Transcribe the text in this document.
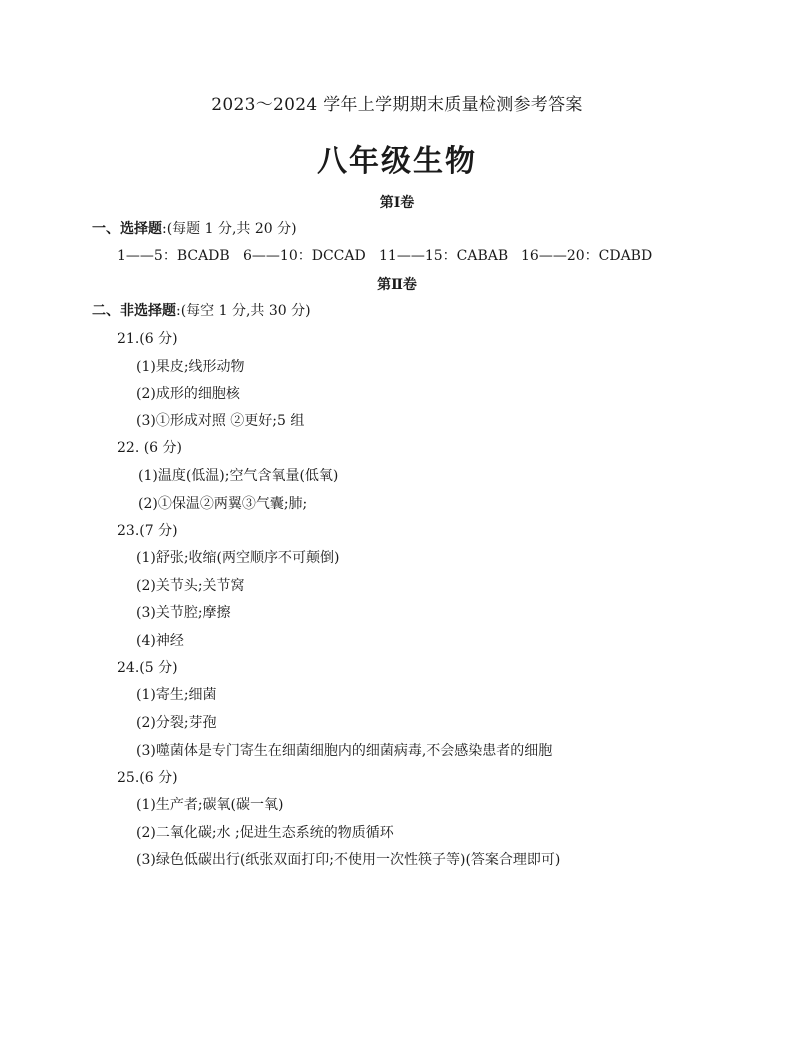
2023～2024 学年上学期期末质量检测参考答案
八年级生物
第Ⅰ卷
一、选择题:(每题 1 分,共 20 分)
1——5：BCADB 6——10：DCCAD 11——15：CABAB 16——20：CDABD
第Ⅱ卷
二、非选择题:(每空 1 分,共 30 分)
21.(6 分)
(1)果皮;线形动物
(2)成形的细胞核
(3)①形成对照 ②更好;5 组
22. (6 分)
(1)温度(低温);空气含氧量(低氧)
(2)①保温②两翼③气囊;肺;
23.(7 分)
(1)舒张;收缩(两空顺序不可颠倒)
(2)关节头;关节窝
(3)关节腔;摩擦
(4)神经
24.(5 分)
(1)寄生;细菌
(2)分裂;芽孢
(3)噬菌体是专门寄生在细菌细胞内的细菌病毒,不会感染患者的细胞
25.(6 分)
(1)生产者;碳氧(碳一氧)
(2)二氧化碳;水 ;促进生态系统的物质循环
(3)绿色低碳出行(纸张双面打印;不使用一次性筷子等)(答案合理即可)
